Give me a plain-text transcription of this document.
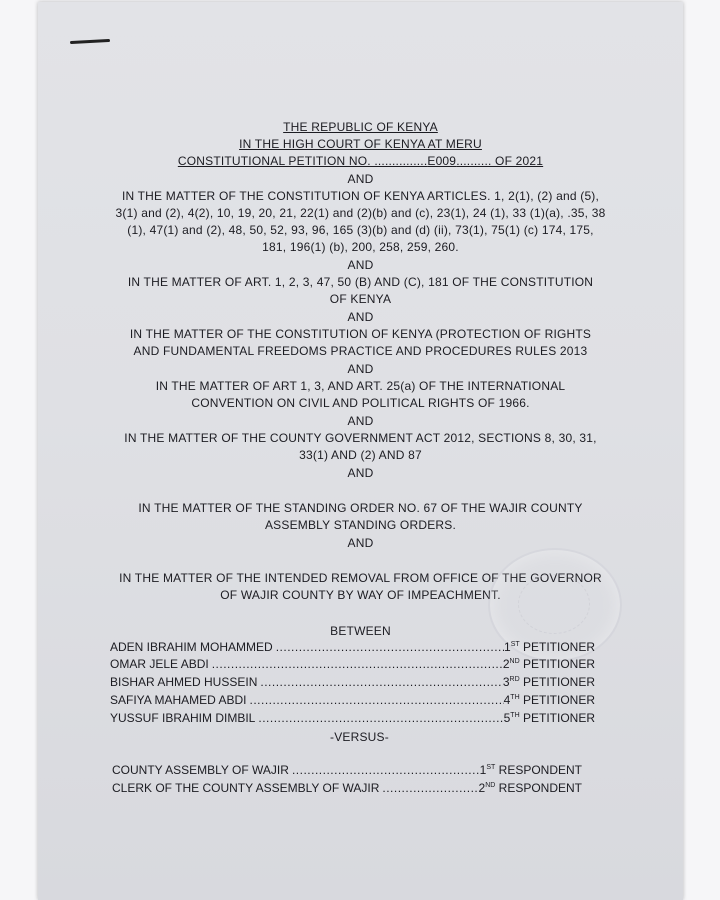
THE REPUBLIC OF KENYA
IN THE HIGH COURT OF KENYA AT MERU
CONSTITUTIONAL PETITION NO. ...............E009.......... OF 2021
AND
IN THE MATTER OF THE CONSTITUTION OF KENYA ARTICLES. 1, 2(1), (2) and (5),
3(1) and (2), 4(2), 10, 19, 20, 21, 22(1) and (2)(b) and (c), 23(1), 24 (1), 33 (1)(a), .35, 38
(1), 47(1) and (2), 48, 50, 52, 93, 96, 165 (3)(b) and (d) (ii), 73(1), 75(1) (c) 174, 175,
181, 196(1) (b), 200, 258, 259, 260.
AND
IN THE MATTER OF ART. 1, 2, 3, 47, 50 (B) AND (C), 181 OF THE CONSTITUTION
OF KENYA
AND
IN THE MATTER OF THE CONSTITUTION OF KENYA (PROTECTION OF RIGHTS
AND FUNDAMENTAL FREEDOMS PRACTICE AND PROCEDURES RULES 2013
AND
IN THE MATTER OF ART 1, 3, AND ART. 25(a) OF THE INTERNATIONAL
CONVENTION ON CIVIL AND POLITICAL RIGHTS OF 1966.
AND
IN THE MATTER OF THE COUNTY GOVERNMENT ACT 2012, SECTIONS 8, 30, 31,
33(1) AND (2) AND 87
AND
IN THE MATTER OF THE STANDING ORDER NO. 67 OF THE WAJIR COUNTY
ASSEMBLY STANDING ORDERS.
AND
IN THE MATTER OF THE INTENDED REMOVAL FROM OFFICE OF THE GOVERNOR
OF WAJIR COUNTY BY WAY OF IMPEACHMENT.
BETWEEN
ADEN IBRAHIM MOHAMMED .....	1ST PETITIONER
OMAR JELE ABDI .....	2ND PETITIONER
BISHAR AHMED HUSSEIN .....	3RD PETITIONER
SAFIYA MAHAMED ABDI .....	4TH PETITIONER
YUSSUF IBRAHIM DIMBIL .....	5TH PETITIONER
-VERSUS-
COUNTY ASSEMBLY OF WAJIR .....	1ST RESPONDENT
CLERK OF THE COUNTY ASSEMBLY OF WAJIR .....	2ND RESPONDENT
